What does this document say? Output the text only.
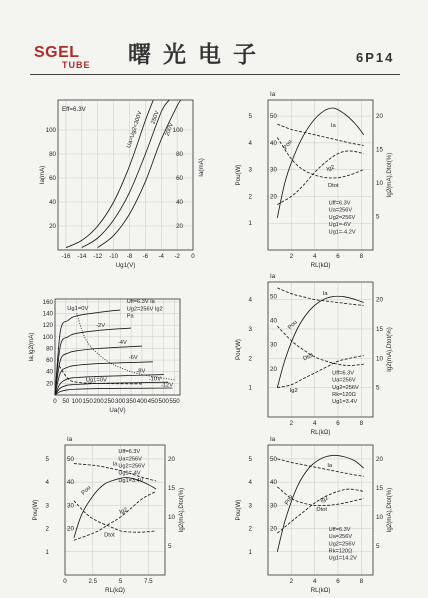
SGEL
TUBE 曙光电子	6P14
-16 -14 -12 -10 -8 -6 -4 -2 0
20
40
60
80
100
Ug1(V)
Ia(mA)	Ia(mA)
20
40
60
80
100
Ua=Ug2=300V 250V
200V
Eff=6.3V
2	4	6	8
1
2
3
4
5
20
30
40
50
5
10
15
20
Ig2(mA),Dtot(%)
RL(kΩ)
Pou(W)
Ia
Pou
Ia
Ig2
Dtot
Uff=6.3V
Ua=256V
Ug2=256V
Ug1=-6V
Ug1=-4.2V
0 50 100 150 200 250 300 350 400 450 500 550
20
40
60
80
100
120
140
160
Ua(V)
Ia,Ig2(mA)
Ug1=0V
-2V
-4V
-6V
-8V
Ug1=0V	-10V
-12V
Uff=6.3V Ia
Ug2=256V Ig2
Pa
2	4	6	8
1
2
3
4
20
30
40
50
5
10
15
20
Ig2(mA),Dtot(%)
RL(kΩ)
Pou(W)
Ia
Pou
Ia
Ig2
Dtot
Uff=6.3V
Ua=256V
Ug2=256V
Rk=120Ω
Ug1=3.4V
0	2.5	5	7.5
1
2
3
4
5
20
30
40
50
5
10
15
20
Ig2(mA),Dtot(%)
RL(kΩ)
Pou(W)
Ia
Pou
Ia
Ig2
Dtot
Uff=6.3V
Ua=256V
Ug2=256V
Ug1=-4V
Ug1=3.4V
2	4	6	8
1
2
3
4
5
20
30
40
50
5
10
15
20
Ig2(mA),Dtot(%)
RL(kΩ)
Pou(W)
Ia
Pou
Ia
Ig2
Dtot
Uff=6.3V
Ua=256V
Ug2=256V
Rk=120Ω
Ug1=14.2V
